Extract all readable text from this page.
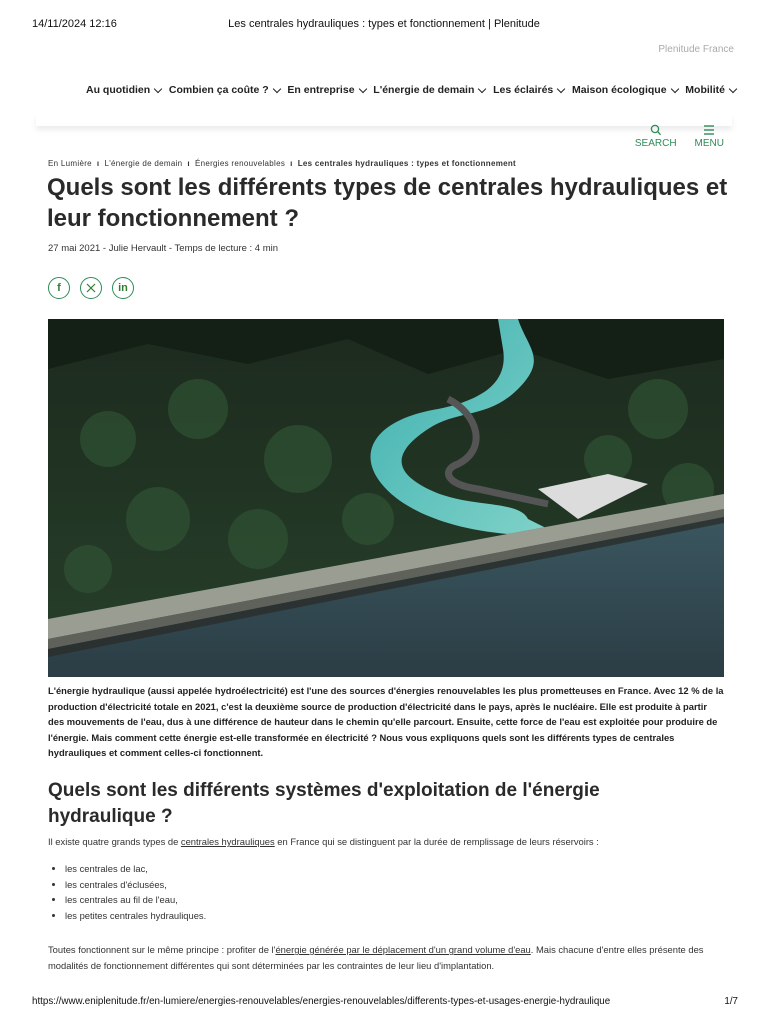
14/11/2024 12:16	Les centrales hydrauliques : types et fonctionnement | Plenitude
Plenitude France
Au quotidien Combien ça coûte ? En entreprise L'énergie de demain Les éclairés Maison écologique Mobilité
SEARCH MENU
En Lumière ı L'énergie de demain ı Énergies renouvelables ı Les centrales hydrauliques : types et fonctionnement
Quels sont les différents types de centrales hydrauliques et leur fonctionnement ?
27 mai 2021 - Julie Hervault - Temps de lecture : 4 min
f	in

L'énergie hydraulique (aussi appelée hydroélectricité) est l'une des sources d'énergies renouvelables les plus prometteuses en France. Avec 12 % de la production d'électricité totale en 2021, c'est la deuxième source de production d'électricité dans le pays, après le nucléaire. Elle est produite à partir des mouvements de l'eau, dus à une différence de hauteur dans le chemin qu'elle parcourt. Ensuite, cette force de l'eau est exploitée pour produire de l'énergie. Mais comment cette énergie est-elle transformée en électricité ? Nous vous expliquons quels sont les différents types de centrales hydrauliques et comment celles-ci fonctionnent.

Quels sont les différents systèmes d'exploitation de l'énergie hydraulique ?

Il existe quatre grands types de centrales hydrauliques en France qui se distinguent par la durée de remplissage de leurs réservoirs :

• les centrales de lac,
• les centrales d'éclusées,
• les centrales au fil de l'eau,
• les petites centrales hydrauliques.

Toutes fonctionnent sur le même principe : profiter de l'énergie générée par le déplacement d'un grand volume d'eau. Mais chacune d'entre elles présente des modalités de fonctionnement différentes qui sont déterminées par les contraintes de leur lieu d'implantation.

https://www.eniplenitude.fr/en-lumiere/energies-renouvelables/energies-renouvelables/differents-types-et-usages-energie-hydraulique	1/7
